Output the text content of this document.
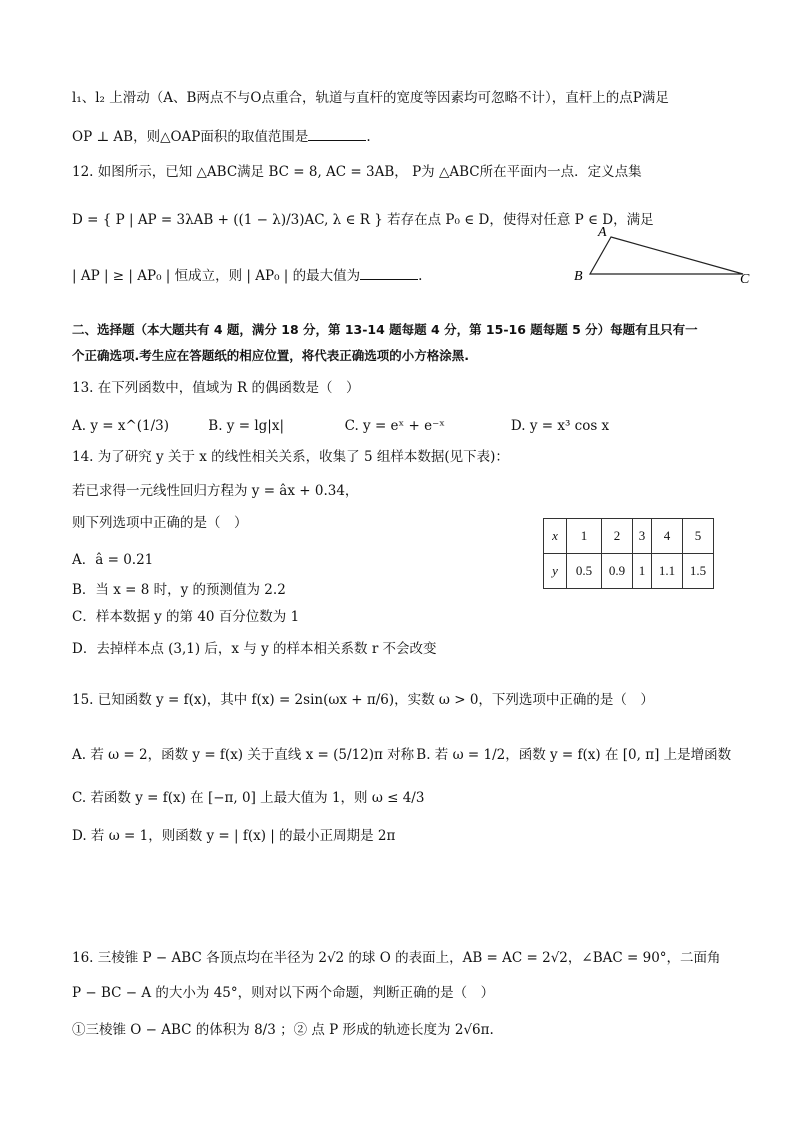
l₁、l₂ 上滑动（A、B两点不与O点重合，轨道与直杆的宽度等因素均可忽略不计），直杆上的点P满足
OP ⊥ AB，则△OAP面积的取值范围是	.
12. 如图所示，已知 △ABC满足 BC = 8, AC = 3AB， P为 △ABC所在平面内一点．定义点集
D = { P | AP = 3λAB + ((1 − λ)/3)AC, λ ∈ R } 若存在点 P₀ ∈ D，使得对任意 P ∈ D，满足
| AP | ≥ | AP₀ | 恒成立，则 | AP₀ | 的最大值为	.
A
B	C
二、选择题（本大题共有 4 题，满分 18 分，第 13-14 题每题 4 分，第 15-16 题每题 5 分）每题有且只有一
个正确选项.考生应在答题纸的相应位置，将代表正确选项的小方格涂黑.
13. 在下列函数中，值域为 R 的偶函数是（　）
A. y = x^(1/3)	B. y = lg|x|	C. y = eˣ + e⁻ˣ	D. y = x³ cos x
14. 为了研究 y 关于 x 的线性相关关系，收集了 5 组样本数据(见下表)：
若已求得一元线性回归方程为 y = âx + 0.34，
则下列选项中正确的是（　）
A．â = 0.21
B．当 x = 8 时，y 的预测值为 2.2
C．样本数据 y 的第 40 百分位数为 1
D．去掉样本点 (3,1) 后，x 与 y 的样本相关系数 r 不会改变
x	1	2	3	4	5
y	0.5	0.9	1	1.1	1.5
15. 已知函数 y = f(x)，其中 f(x) = 2sin(ωx + π/6)，实数 ω > 0，下列选项中正确的是（　）
A. 若 ω = 2，函数 y = f(x) 关于直线 x = (5/12)π 对称 B. 若 ω = 1/2，函数 y = f(x) 在 [0, π] 上是增函数
C. 若函数 y = f(x) 在 [−π, 0] 上最大值为 1，则 ω ≤ 4/3
D. 若 ω = 1，则函数 y = | f(x) | 的最小正周期是 2π
16. 三棱锥 P − ABC 各顶点均在半径为 2√2 的球 O 的表面上，AB = AC = 2√2，∠BAC = 90°，二面角
P − BC − A 的大小为 45°，则对以下两个命题，判断正确的是（　）
①三棱锥 O − ABC 的体积为 8/3 ；② 点 P 形成的轨迹长度为 2√6π.
